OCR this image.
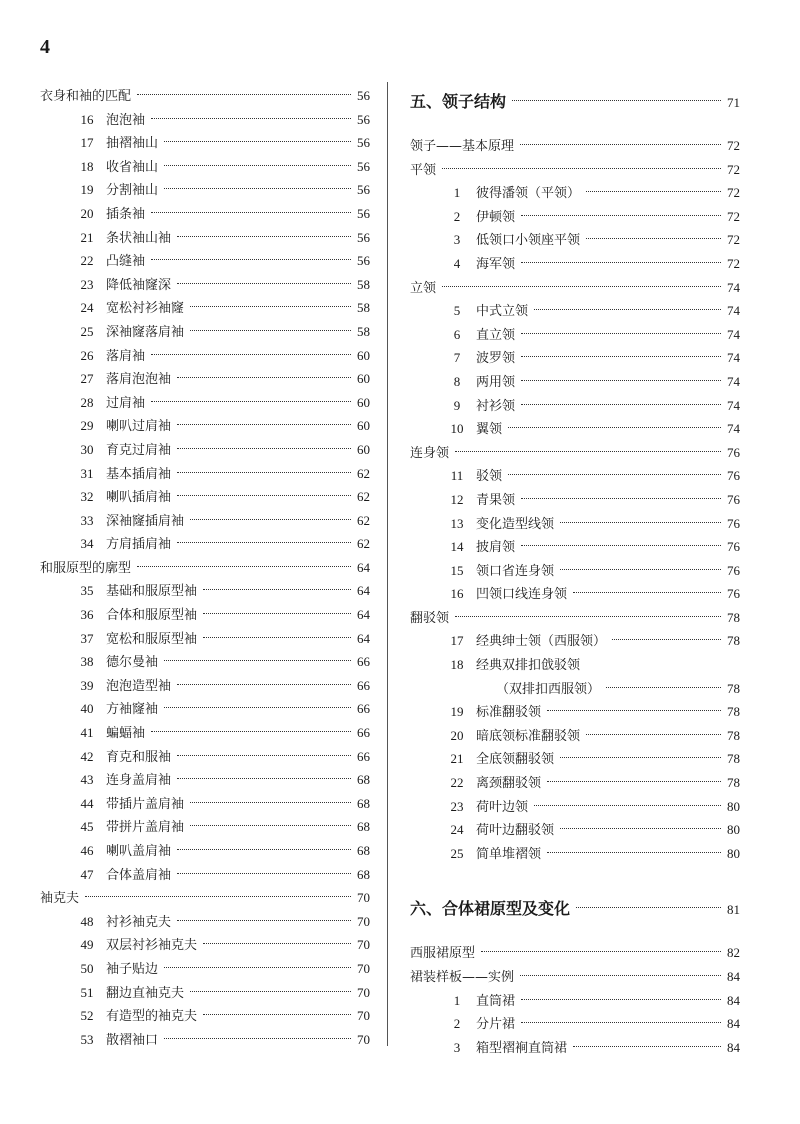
4
衣身和袖的匹配	56
16 泡泡袖	56
17 抽褶袖山	56
18 收省袖山	56
19 分割袖山	56
20 插条袖	56
21 条状袖山袖	56
22 凸缝袖	56
23 降低袖窿深	58
24 宽松衬衫袖窿	58
25 深袖窿落肩袖	58
26 落肩袖	60
27 落肩泡泡袖	60
28 过肩袖	60
29 喇叭过肩袖	60
30 育克过肩袖	60
31 基本插肩袖	62
32 喇叭插肩袖	62
33 深袖窿插肩袖	62
34 方肩插肩袖	62
和服原型的廓型	64
35 基础和服原型袖	64
36 合体和服原型袖	64
37 宽松和服原型袖	64
38 德尔曼袖	66
39 泡泡造型袖	66
40 方袖窿袖	66
41 蝙蝠袖	66
42 育克和服袖	66
43 连身盖肩袖	68
44 带插片盖肩袖	68
45 带拼片盖肩袖	68
46 喇叭盖肩袖	68
47 合体盖肩袖	68
袖克夫	70
48 衬衫袖克夫	70
49 双层衬衫袖克夫	70
50 袖子贴边	70
51 翻边直袖克夫	70
52 有造型的袖克夫	70
53 散褶袖口	70
五、领子结构	71
领子——基本原理	72
平领	72
1	彼得潘领（平领）	72
2	伊顿领	72
3	低领口小领座平领	72
4	海军领	72
立领	74
5	中式立领	74
6	直立领	74
7	波罗领	74
8	两用领	74
9	衬衫领	74
10 翼领	74
连身领	76
11 驳领	76
12 青果领	76
13 变化造型线领	76
14 披肩领	76
15 领口省连身领	76
16 凹领口线连身领	76
翻驳领	78
17 经典绅士领（西服领）	78
18 经典双排扣戗驳领
（双排扣西服领）	78
19 标准翻驳领	78
20 暗底领标准翻驳领	78
21 全底领翻驳领	78
22 离颈翻驳领	78
23 荷叶边领	80
24 荷叶边翻驳领	80
25 简单堆褶领	80
六、合体裙原型及变化	81
西服裙原型	82
裙装样板——实例	84
1	直筒裙	84
2	分片裙	84
3	箱型褶裥直筒裙	84
